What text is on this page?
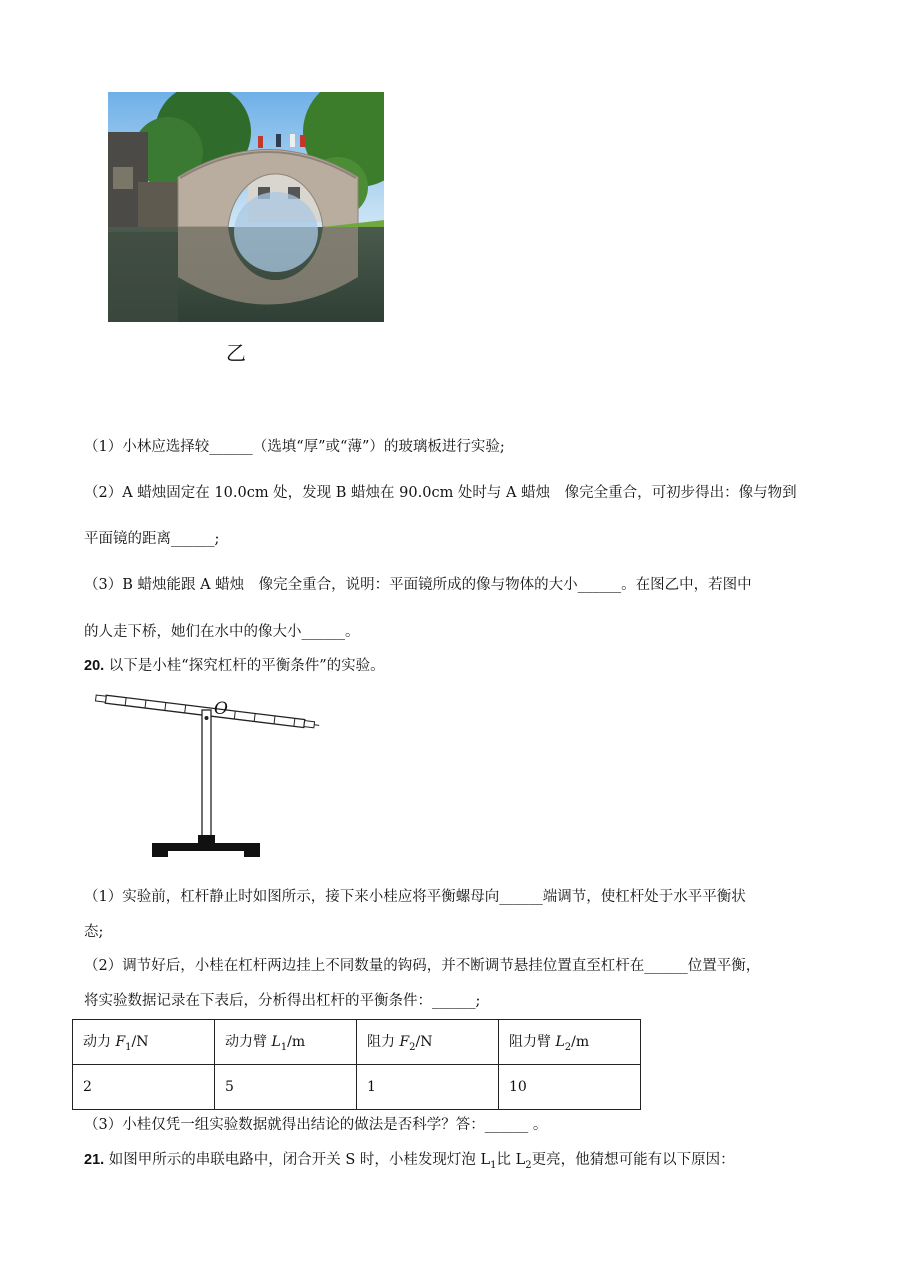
乙
（1）小林应选择较______（选填“厚”或“薄”）的玻璃板进行实验;
（2）A 蜡烛固定在 10.0cm 处，发现 B 蜡烛在 90.0cm 处时与 A 蜡烛　像完全重合，可初步得出：像与物到
平面镜的距离______;
（3）B 蜡烛能跟 A 蜡烛　像完全重合，说明：平面镜所成的像与物体的大小______。在图乙中，若图中
的人走下桥，她们在水中的像大小______。
20. 以下是小桂“探究杠杆的平衡条件”的实验。
O
（1）实验前，杠杆静止时如图所示，接下来小桂应将平衡螺母向______端调节，使杠杆处于水平平衡状
态;
（2）调节好后，小桂在杠杆两边挂上不同数量的钩码，并不断调节悬挂位置直至杠杆在______位置平衡，
将实验数据记录在下表后，分析得出杠杆的平衡条件：______;
动力 $F_1/N$	动力臂 $L_1/m$	阻力 $F_2/N$	阻力臂 $L_2/m$
2	5	1	10
（3）小桂仅凭一组实验数据就得出结论的做法是否科学？答：______ 。
21. 如图甲所示的串联电路中，闭合开关 S 时，小桂发现灯泡 $L_1$比 $L_2$更亮，他猜想可能有以下原因：
